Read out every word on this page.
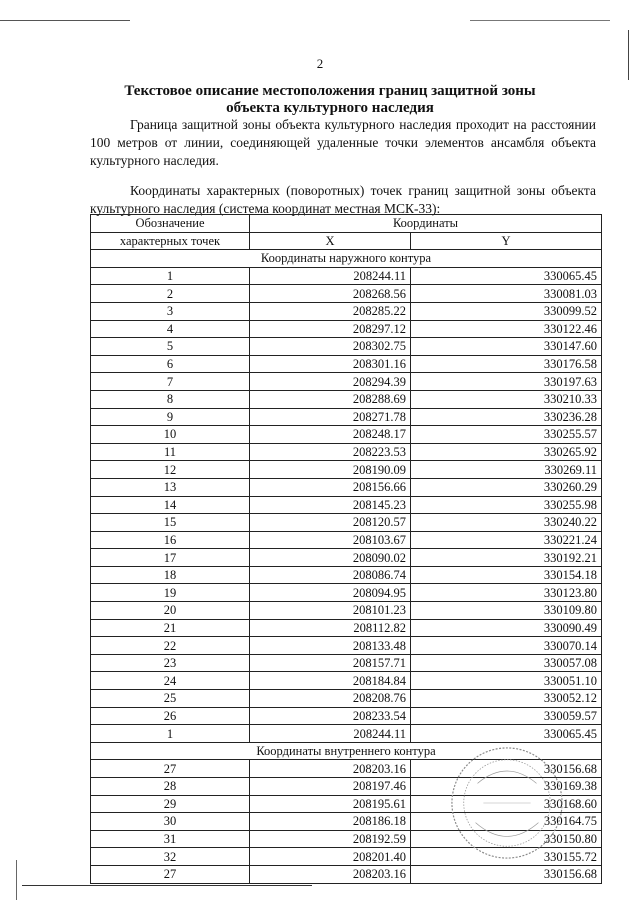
2
Текстовое описание местоположения границ защитной зоны
объекта культурного наследия
Граница защитной зоны объекта культурного наследия проходит на расстоянии 100 метров от линии, соединяющей удаленные точки элементов ансамбля объекта культурного наследия.
Координаты характерных (поворотных) точек границ защитной зоны объекта культурного наследия (система координат местная МСК-33):
Обозначение	Координаты	
характерных точек	X	Y
Координаты наружного контура		
1	208244.11	330065.45
2	208268.56	330081.03
3	208285.22	330099.52
4	208297.12	330122.46
5	208302.75	330147.60
6	208301.16	330176.58
7	208294.39	330197.63
8	208288.69	330210.33
9	208271.78	330236.28
10	208248.17	330255.57
11	208223.53	330265.92
12	208190.09	330269.11
13	208156.66	330260.29
14	208145.23	330255.98
15	208120.57	330240.22
16	208103.67	330221.24
17	208090.02	330192.21
18	208086.74	330154.18
19	208094.95	330123.80
20	208101.23	330109.80
21	208112.82	330090.49
22	208133.48	330070.14
23	208157.71	330057.08
24	208184.84	330051.10
25	208208.76	330052.12
26	208233.54	330059.57
1	208244.11	330065.45
Координаты внутреннего контура		
27	208203.16	330156.68
28	208197.46	330169.38
29	208195.61	330168.60
30	208186.18	330164.75
31	208192.59	330150.80
32	208201.40	330155.72
27	208203.16	330156.68
